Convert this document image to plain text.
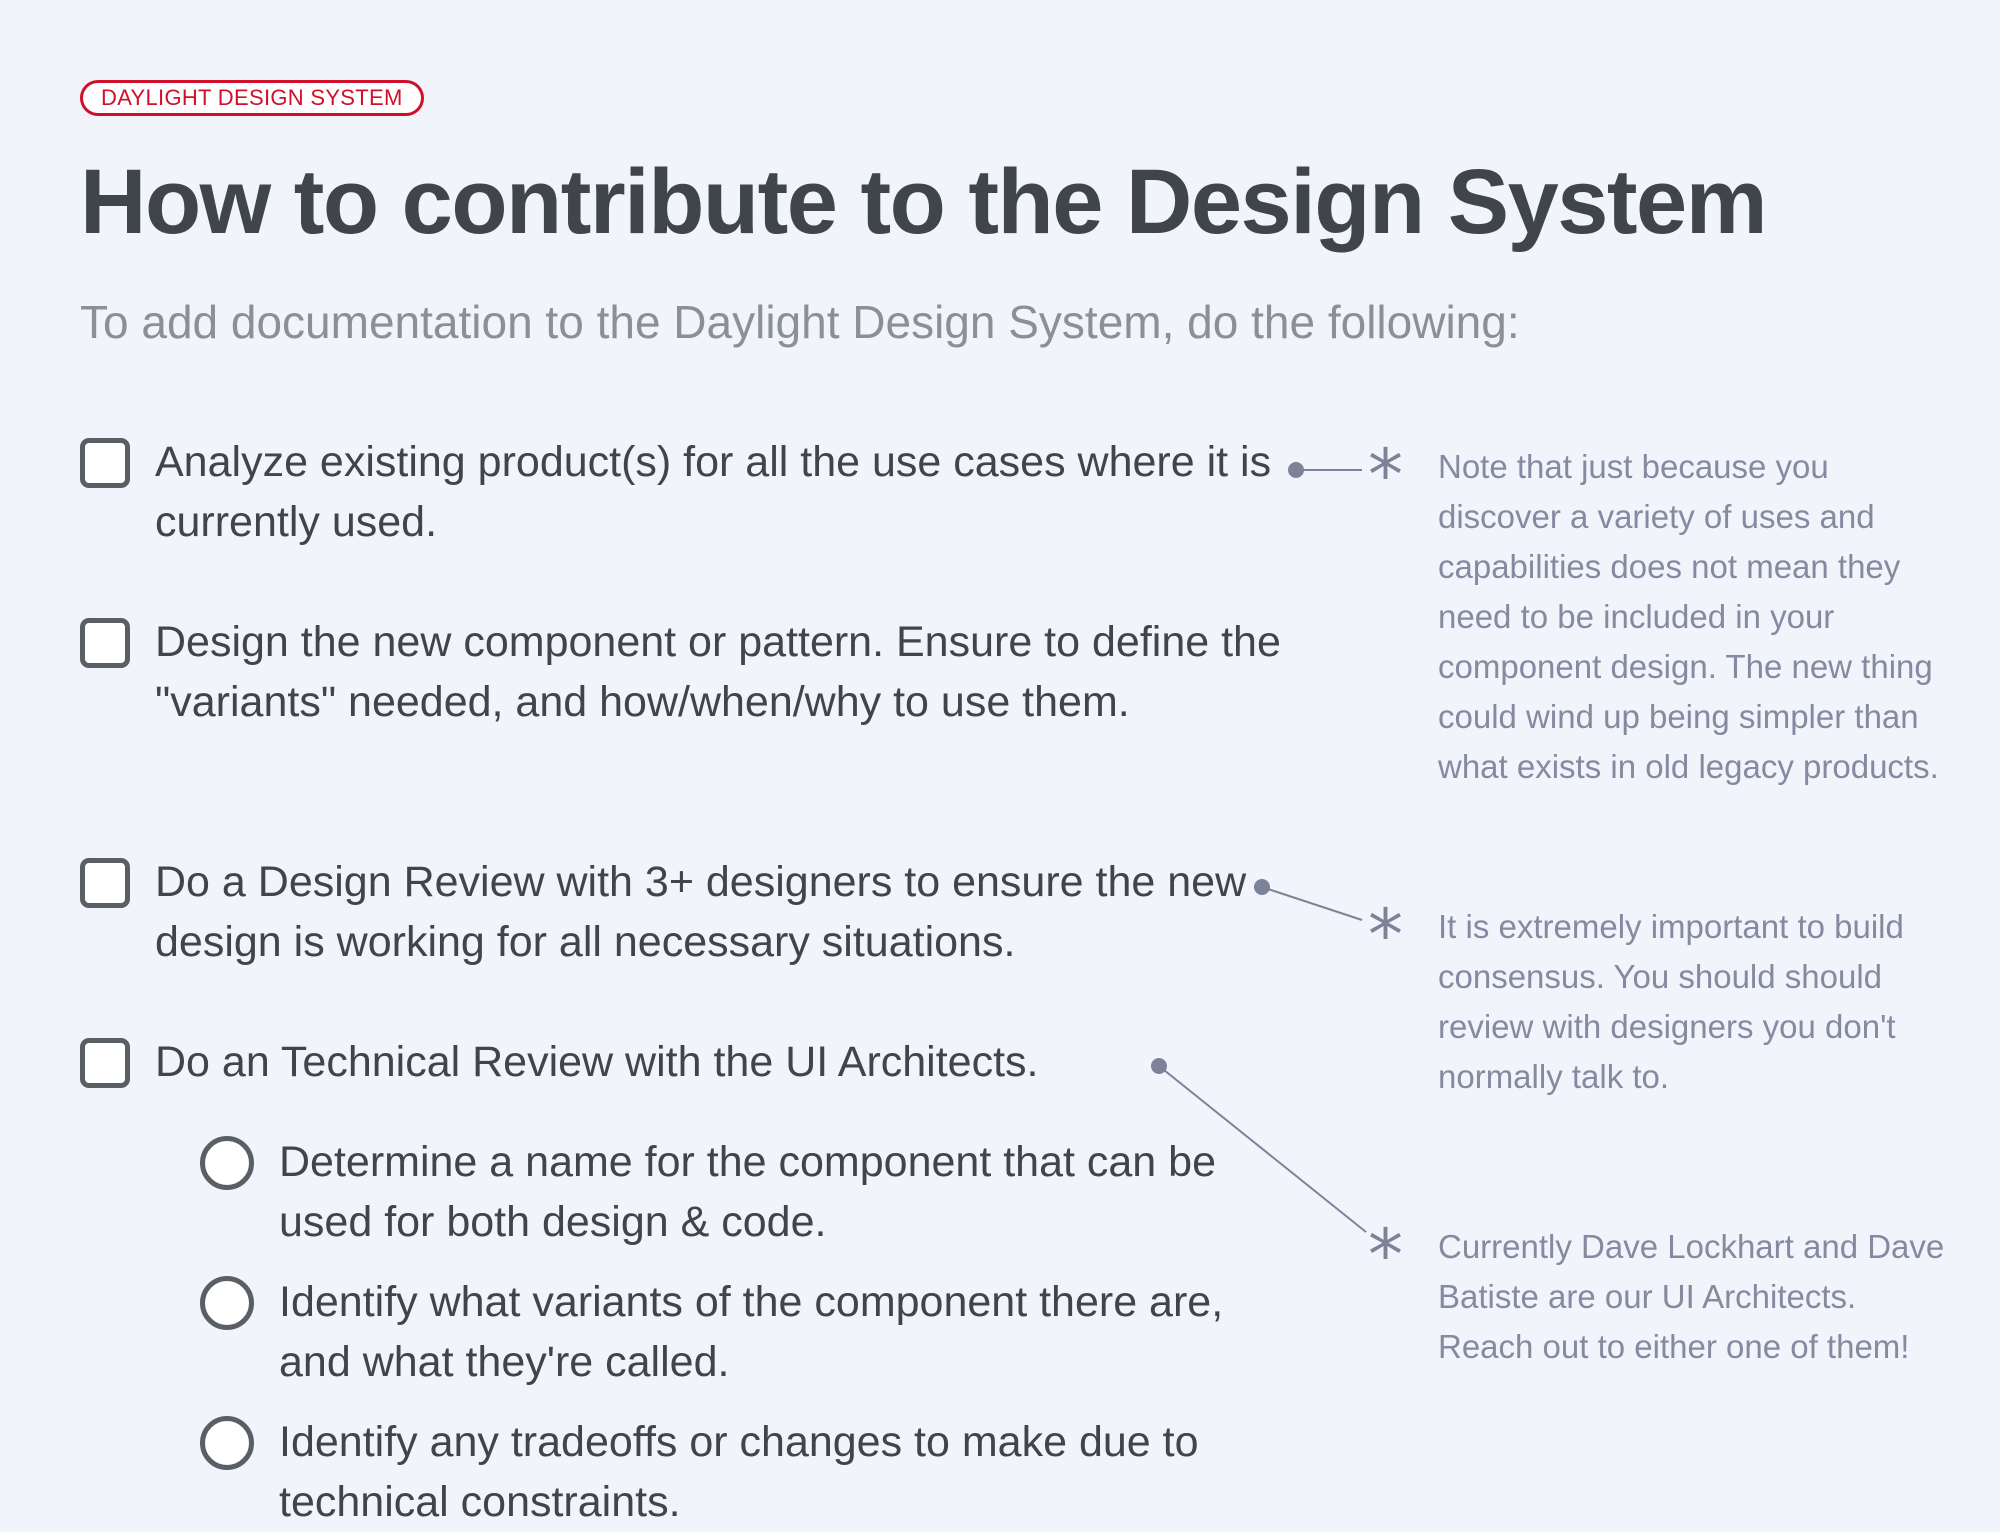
DAYLIGHT DESIGN SYSTEM
How to contribute to the Design System

To add documentation to the Daylight Design System, do the following:

Analyze existing product(s) for all the use cases where it is currently used.
Design the new component or pattern. Ensure to define the "variants" needed, and how/when/why to use them.
Do a Design Review with 3+ designers to ensure the new design is working for all necessary situations.
Do an Technical Review with the UI Architects.
Determine a name for the component that can be used for both design & code.
Identify what variants of the component there are, and what they're called.
Identify any tradeoffs or changes to make due to technical constraints.
* Note that just because you discover a variety of uses and capabilities does not mean they need to be included in your component design. The new thing could wind up being simpler than what exists in old legacy products.
* It is extremely important to build consensus. You should should review with designers you don't normally talk to.
* Currently Dave Lockhart and Dave Batiste are our UI Architects. Reach out to either one of them!
